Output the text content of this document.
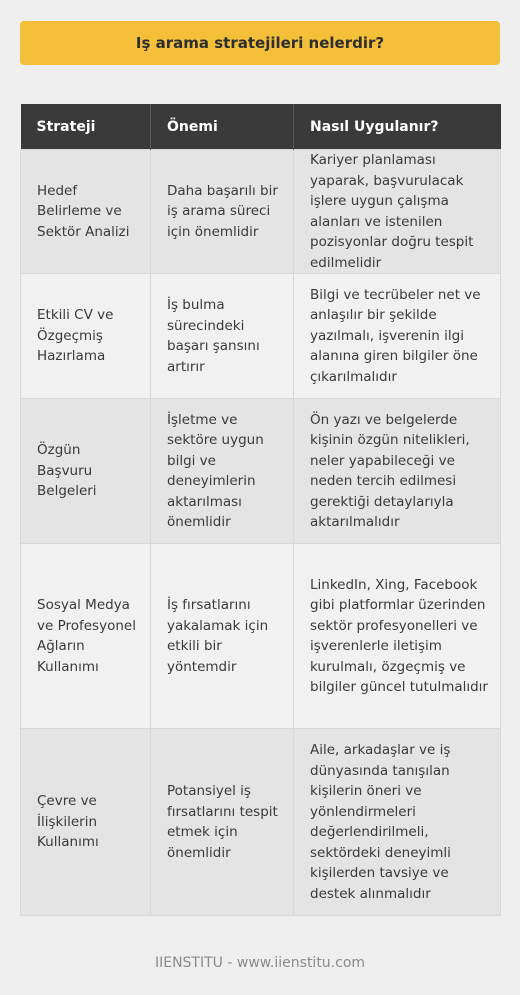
Iş arama stratejileri nelerdir?
Strateji	Önemi	Nasıl Uygulanır?
Hedef Belirleme ve Sektör Analizi	Daha başarılı bir iş arama süreci için önemlidir	Kariyer planlaması yaparak, başvurulacak işlere uygun çalışma alanları ve istenilen pozisyonlar doğru tespit edilmelidir
Etkili CV ve Özgeçmiş Hazırlama	İş bulma sürecindeki başarı şansını artırır	Bilgi ve tecrübeler net ve anlaşılır bir şekilde yazılmalı, işverenin ilgi alanına giren bilgiler öne çıkarılmalıdır
Özgün Başvuru Belgeleri	İşletme ve sektöre uygun bilgi ve deneyimlerin aktarılması önemlidir	Ön yazı ve belgelerde kişinin özgün nitelikleri, neler yapabileceği ve neden tercih edilmesi gerektiği detaylarıyla aktarılmalıdır
Sosyal Medya ve Profesyonel Ağların Kullanımı	İş fırsatlarını yakalamak için etkili bir yöntemdir	LinkedIn, Xing, Facebook gibi platformlar üzerinden sektör profesyonelleri ve işverenlerle iletişim kurulmalı, özgeçmiş ve bilgiler güncel tutulmalıdır
Çevre ve İlişkilerin Kullanımı	Potansiyel iş fırsatlarını tespit etmek için önemlidir	Aile, arkadaşlar ve iş dünyasında tanışılan kişilerin öneri ve yönlendirmeleri değerlendirilmeli, sektördeki deneyimli kişilerden tavsiye ve destek alınmalıdır
IIENSTITU - www.iienstitu.com
